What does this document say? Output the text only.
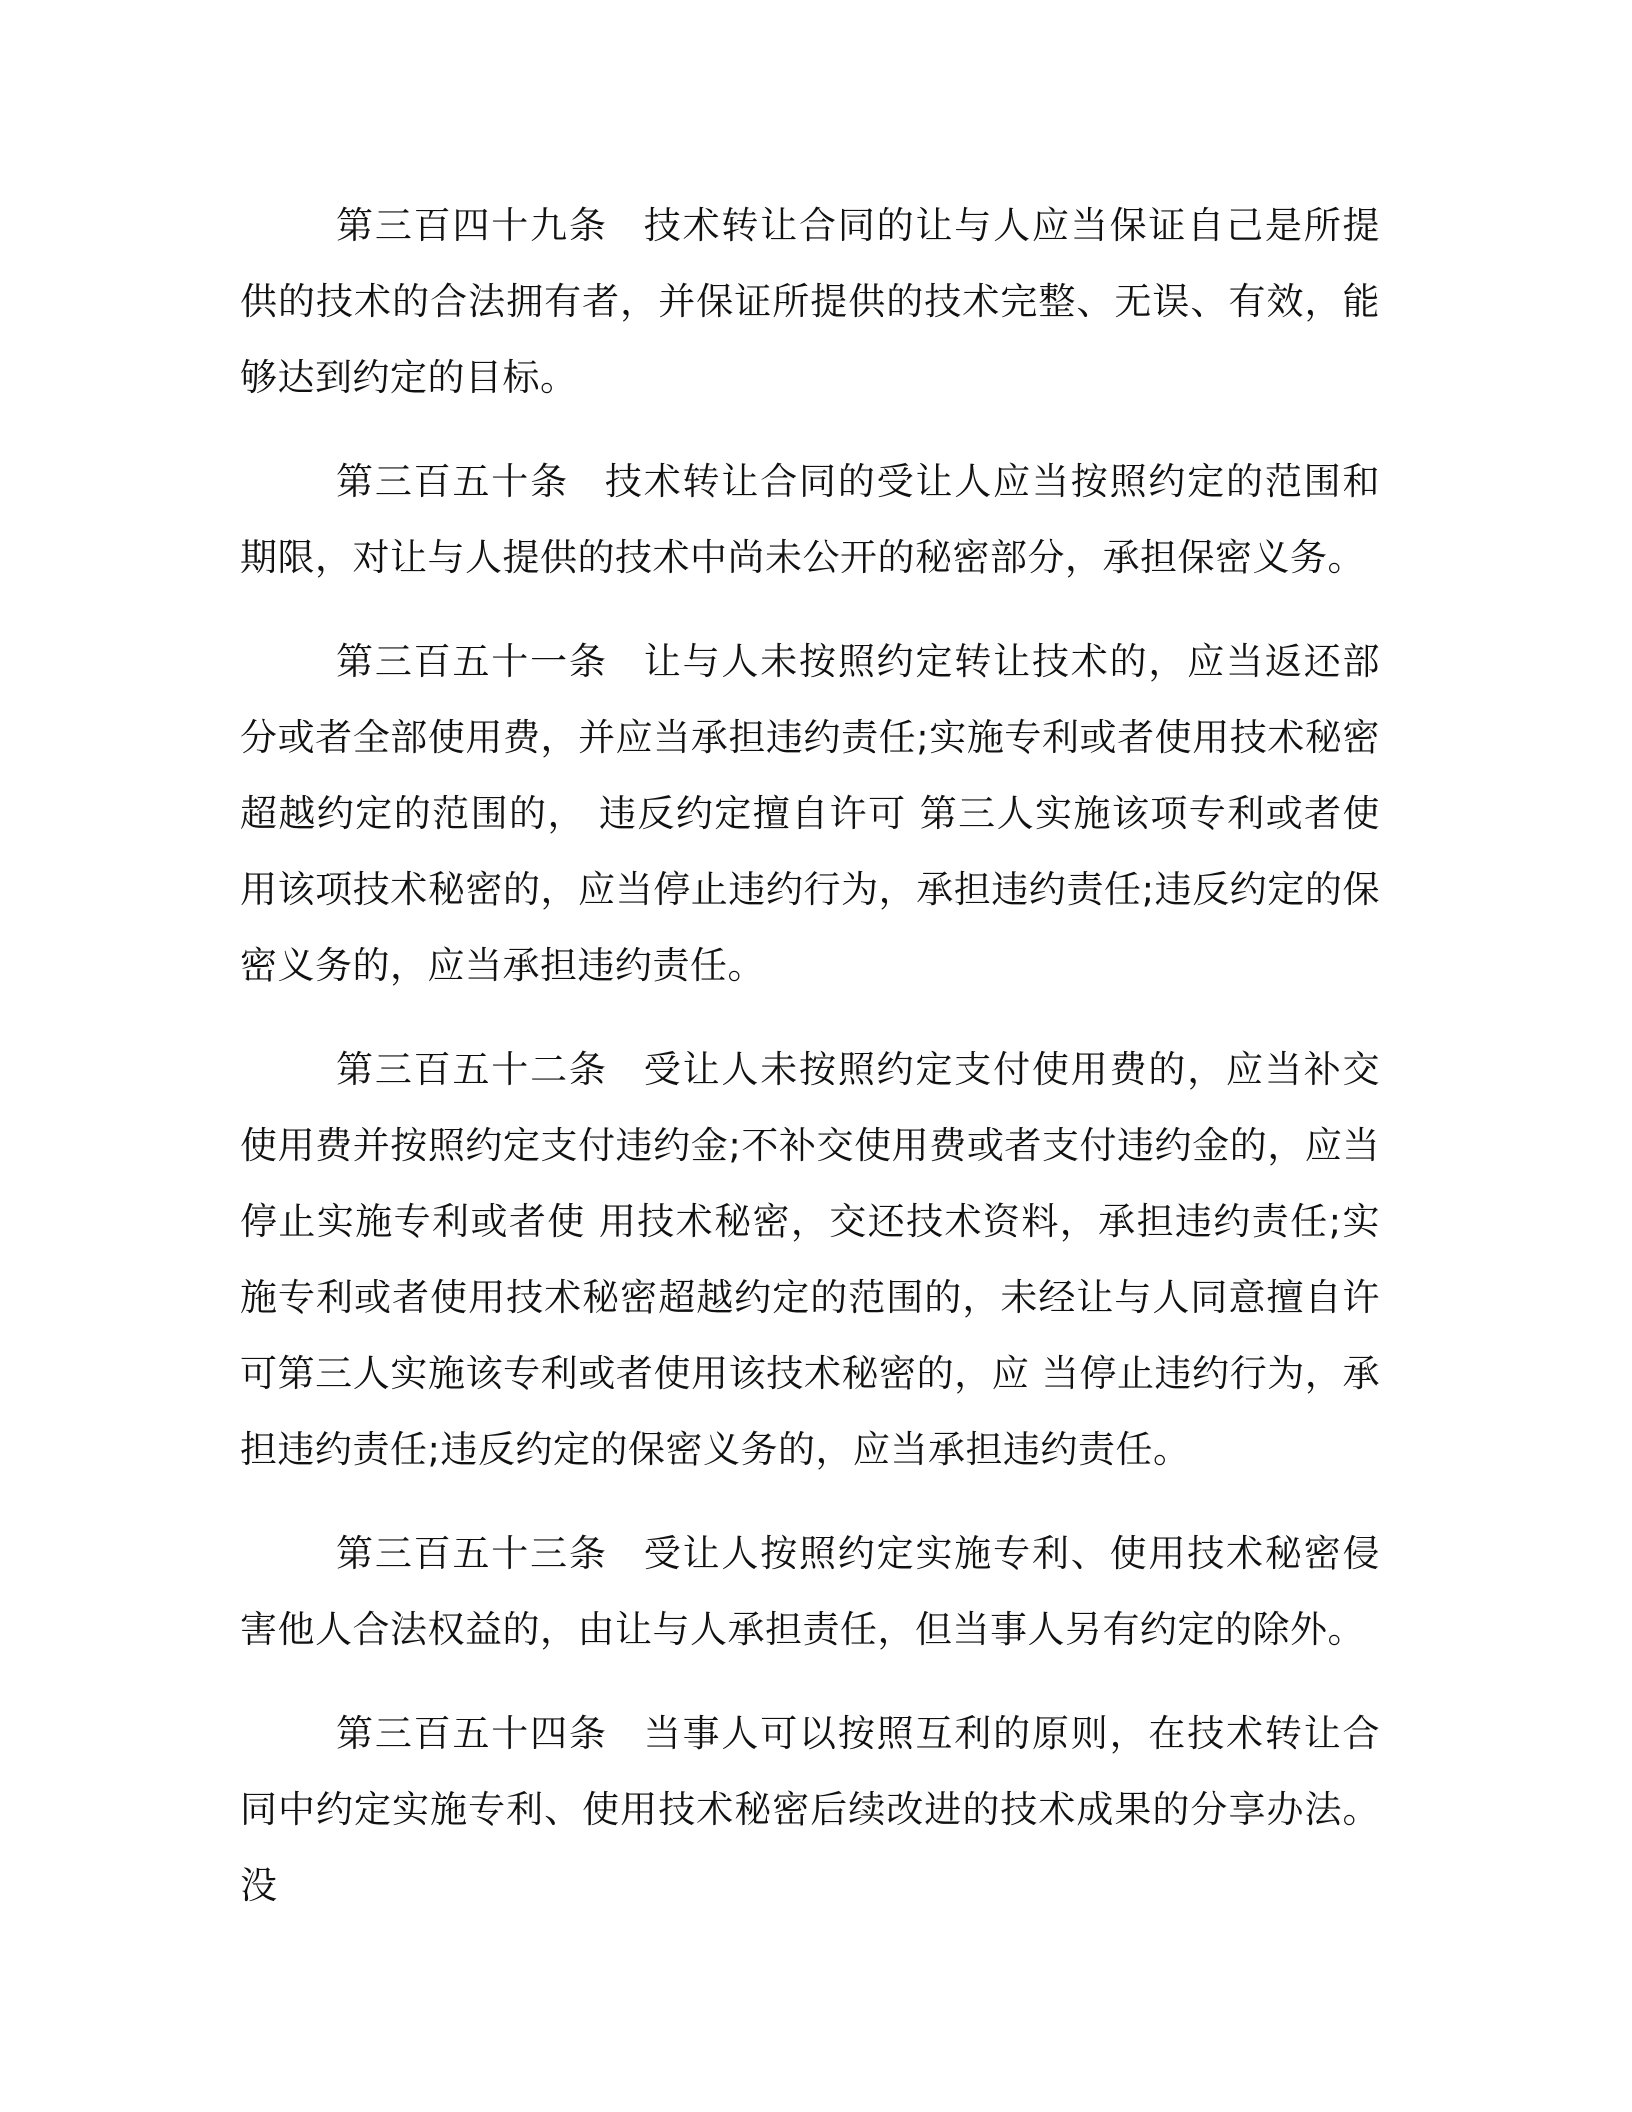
第三百四十九条 技术转让合同的让与人应当保证自己是所提供的技术的合法拥有者，并保证所提供的技术完整、无误、有效，能够达到约定的目标。

第三百五十条 技术转让合同的受让人应当按照约定的范围和期限，对让与人提供的技术中尚未公开的秘密部分，承担保密义务。

第三百五十一条 让与人未按照约定转让技术的，应当返还部分或者全部使用费，并应当承担违约责任;实施专利或者使用技术秘密超越约定的范围的， 违反约定擅自许可 第三人实施该项专利或者使用该项技术秘密的，应当停止违约行为，承担违约责任;违反约定的保密义务的，应当承担违约责任。

第三百五十二条 受让人未按照约定支付使用费的，应当补交使用费并按照约定支付违约金;不补交使用费或者支付违约金的，应当停止实施专利或者使 用技术秘密，交还技术资料，承担违约责任;实施专利或者使用技术秘密超越约定的范围的，未经让与人同意擅自许可第三人实施该专利或者使用该技术秘密的，应 当停止违约行为，承担违约责任;违反约定的保密义务的，应当承担违约责任。

第三百五十三条 受让人按照约定实施专利、使用技术秘密侵害他人合法权益的，由让与人承担责任，但当事人另有约定的除外。

第三百五十四条 当事人可以按照互利的原则，在技术转让合同中约定实施专利、使用技术秘密后续改进的技术成果的分享办法。没
